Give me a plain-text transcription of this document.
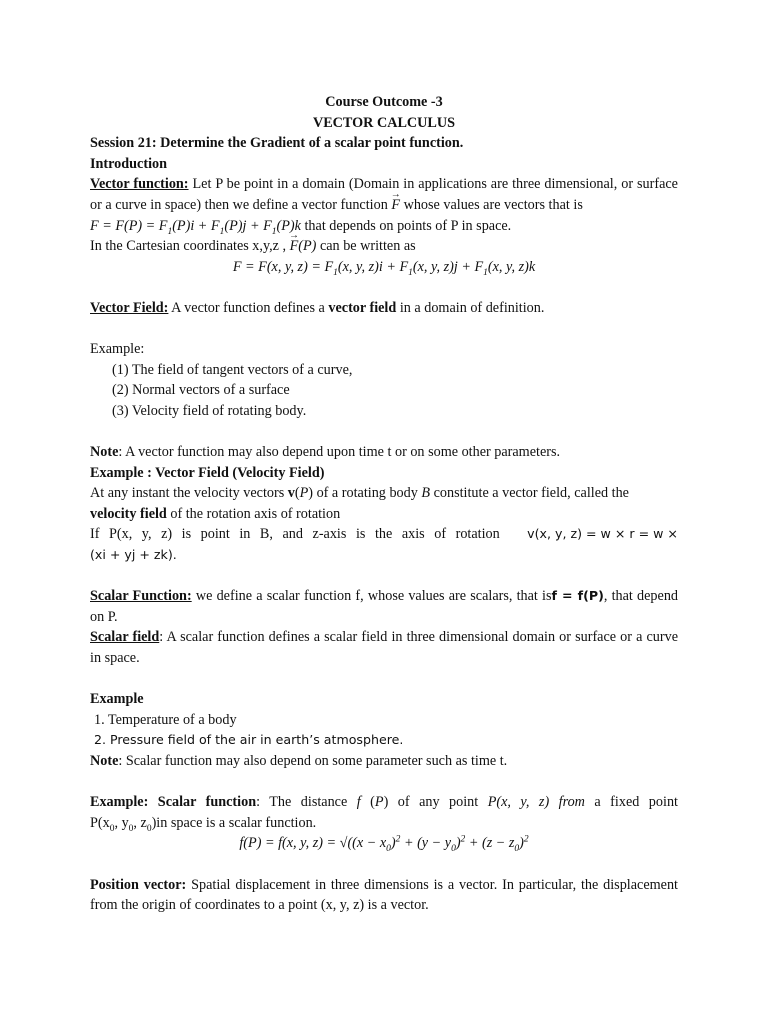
Course Outcome -3

VECTOR CALCULUS

Session 21: Determine the Gradient of a scalar point function.

Introduction

Vector function: Let P be point in a domain (Domain in applications are three dimensional, or surface or a curve in space) then we define a vector function → F whose values are vectors that is
$F = F(P) = F_1(P)i + F_1(P)j + F_1(P)k$ that depends on points of P in space.

In the Cartesian coordinates x,y,z , → F(P) can be written as

F = F(x, y, $z) = F_1(x$, y, $z)i + F_1(x$, y, $z)j + F_1(x$, y, z)k

Vector Field: A vector function defines a vector field in a domain of definition.

Example:

(1) The field of tangent vectors of a curve,

(2) Normal vectors of a surface

(3) Velocity field of rotating body.

Note: A vector function may also depend upon time t or on some other parameters.

Example : Vector Field (Velocity Field)

At any instant the velocity vectors v(P) of a rotating body B constitute a vector field, called the
velocity field of the rotation axis of rotation

If P(x, y, z) is point in B, and z-axis is the axis of rotation v(x, y, z) = w × r = w ×

(xi + yj + zk).

Scalar Function: we define a scalar function f, whose values are scalars, that isf = f(P), that depend on P.

Scalar field: A scalar function defines a scalar field in three dimensional domain or surface or a curve in space.

Example

1. Temperature of a body

2. Pressure field of the air in earth’s atmosphere.

Note: Scalar function may also depend on some parameter such as time t.

Example: Scalar function: The distance f (P) of any point P(x, y, z) from a fixed point

$P(x_0$, $y_0$, $z_0)in$ space is a scalar function.

f(P) = f(x, y, $z) = √((x - x_0)^2 + (y - y_0)^2 + (z - z_0)^2$

Position vector: Spatial displacement in three dimensions is a vector. In particular, the displacement from the origin of coordinates to a point (x, y, z) is a vector.
